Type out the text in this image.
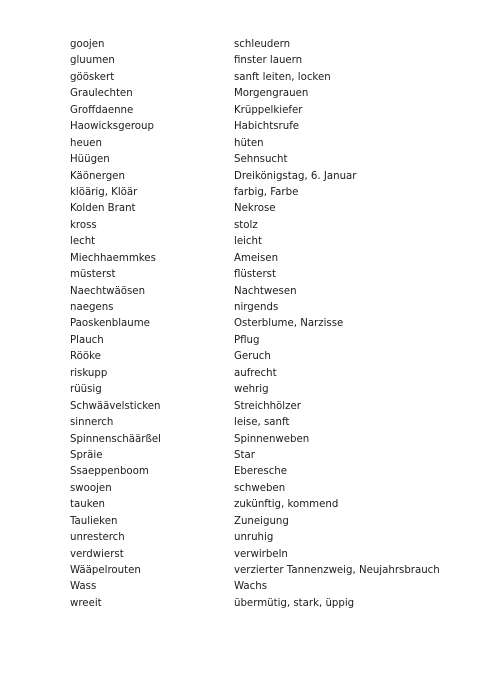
goojen	schleudern
gluumen	finster lauern
gööskert	sanft leiten, locken
Graulechten	Morgengrauen
Groffdaenne	Krüppelkiefer
Haowicksgeroup	Habichtsrufe
heuen	hüten
Hüügen	Sehnsucht
Käönergen	Dreikönigstag, 6. Januar
klöärig, Klöär	farbig, Farbe
Kolden Brant	Nekrose
kross	stolz
lecht	leicht
Miechhaemmkes	Ameisen
müsterst	flüsterst
Naechtwäösen	Nachtwesen
naegens	nirgends
Paoskenblaume	Osterblume, Narzisse
Plauch	Pflug
Rööke	Geruch
riskupp	aufrecht
rüüsig	wehrig
Schwäävelsticken	Streichhölzer
sinnerch	leise, sanft
Spinnenschäärßel	Spinnenweben
Spräie	Star
Ssaeppenboom	Eberesche
swoojen	schweben
tauken	zukünftig, kommend
Taulieken	Zuneigung
unresterch	unruhig
verdwierst	verwirbeln
Wääpelrouten	verzierter Tannenzweig, Neujahrsbrauch
Wass	Wachs
wreeit	übermütig, stark, üppig
